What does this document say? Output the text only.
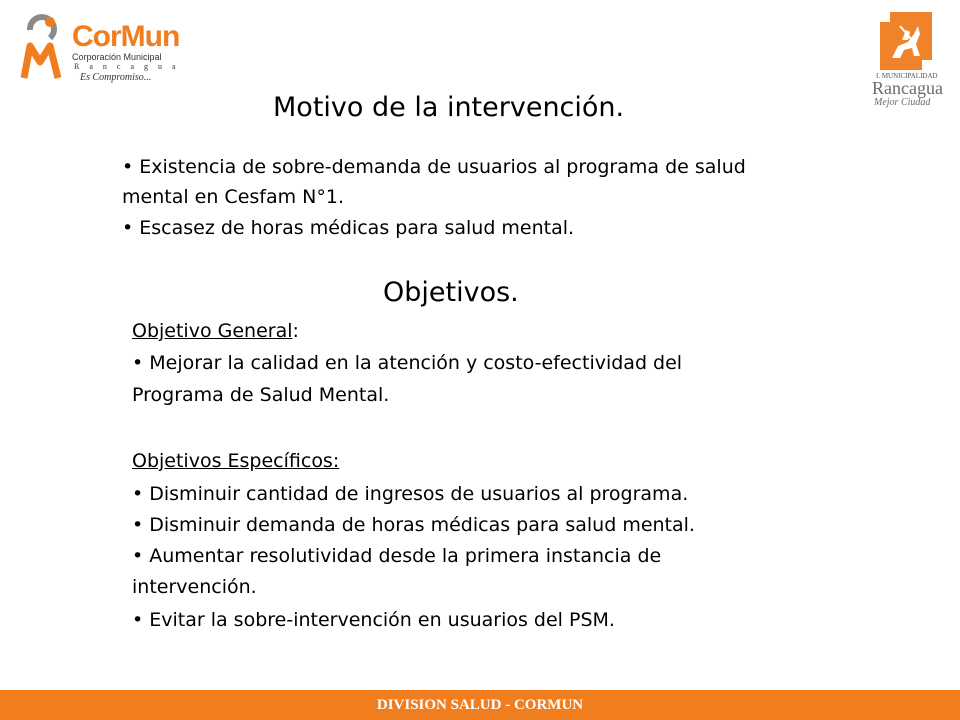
CorMun
Corporación Municipal
R a n c a g u a
Es Compromiso...	I. MUNICIPALIDAD
Rancagua
Mejor Ciudad
Motivo de la intervención.
• Existencia de sobre-demanda de usuarios al programa de salud
mental en Cesfam N°1.
• Escasez de horas médicas para salud mental.
Objetivos.
Objetivo General:
• Mejorar la calidad en la atención y costo-efectividad del
Programa de Salud Mental.
Objetivos Específicos:
• Disminuir cantidad de ingresos de usuarios al programa.
• Disminuir demanda de horas médicas para salud mental.
• Aumentar resolutividad desde la primera instancia de
intervención.
• Evitar la sobre-intervención en usuarios del PSM.
DIVISION SALUD - CORMUN
